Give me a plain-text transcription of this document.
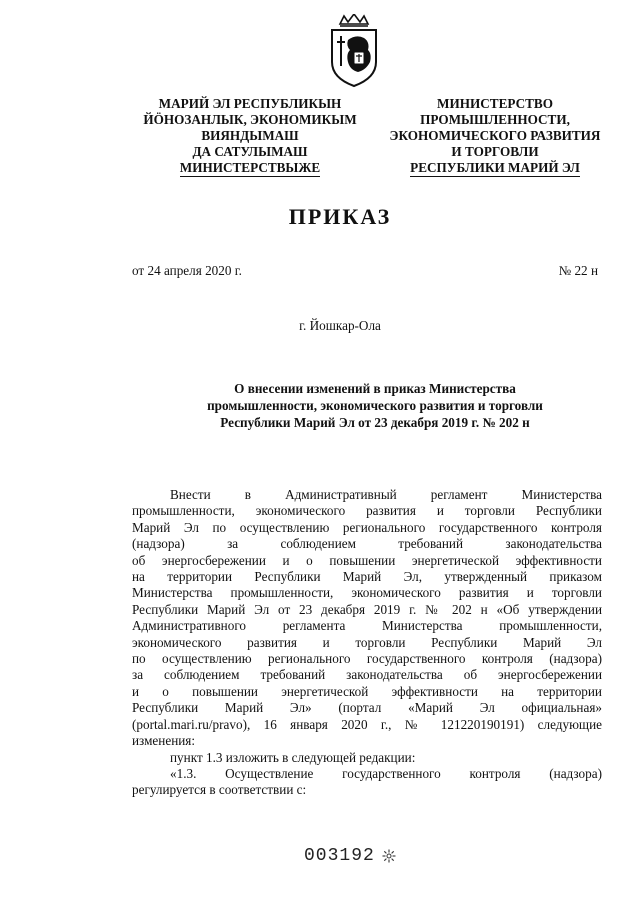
МАРИЙ ЭЛ РЕСПУБЛИКЫН
ЙӦНОЗАНЛЫК, ЭКОНОМИКЫМ
ВИЯНДЫМАШ
ДА САТУЛЫМАШ
МИНИСТЕРСТВЫЖЕ
МИНИСТЕРСТВО
ПРОМЫШЛЕННОСТИ,
ЭКОНОМИЧЕСКОГО РАЗВИТИЯ
И ТОРГОВЛИ
РЕСПУБЛИКИ МАРИЙ ЭЛ
ПРИКАЗ
от 24 апреля 2020 г.	№ 22 н
г. Йошкар-Ола
О внесении изменений в приказ Министерства
промышленности, экономического развития и торговли
Республики Марий Эл от 23 декабря 2019 г. № 202 н
Внести в Административный регламент Министерства
промышленности, экономического развития и торговли Республики
Марий Эл по осуществлению регионального государственного контроля
(надзора) за соблюдением требований законодательства
об энергосбережении и о повышении энергетической эффективности
на территории Республики Марий Эл, утвержденный приказом
Министерства промышленности, экономического развития и торговли
Республики Марий Эл от 23 декабря 2019 г. № 202 н «Об утверждении
Административного регламента Министерства промышленности,
экономического развития и торговли Республики Марий Эл
по осуществлению регионального государственного контроля (надзора)
за соблюдением требований законодательства об энергосбережении
и о повышении энергетической эффективности на территории
Республики Марий Эл» (портал «Марий Эл официальная»
(portal.mari.ru/pravo), 16 января 2020 г., № 121220190191) следующие
изменения:
пункт 1.3 изложить в следующей редакции:
«1.3. Осуществление государственного контроля (надзора)
регулируется в соответствии с:
003192
